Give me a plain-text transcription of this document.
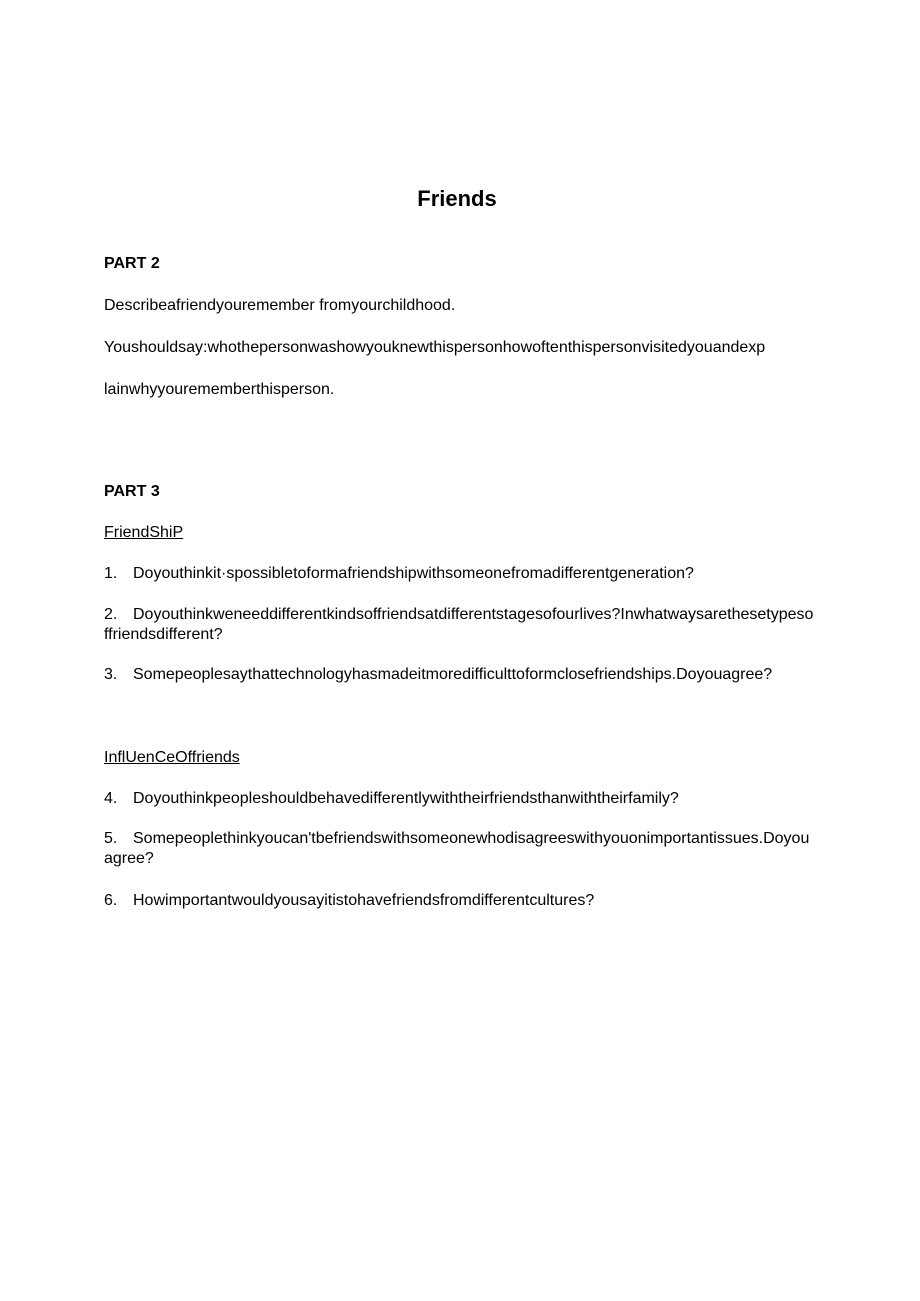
Friends
PART 2

Describeafriendyouremember fromyourchildhood.

Youshouldsay:whothepersonwashowyouknewthispersonhowoftenthispersonvisitedyouandexp

lainwhyyourememberthisperson.

PART 3

FriendShiP

1. Doyouthinkit·spossibletoformafriendshipwithsomeonefromadifferentgeneration?

2. Doyouthinkweneeddifferentkindsoffriendsatdifferentstagesofourlives?Inwhatwaysarethesetypesoffriendsdifferent?

3. Somepeoplesaythattechnologyhasmadeitmoredifficulttoformclosefriendships.Doyouagree?

InflUenCeOffriends

4. Doyouthinkpeopleshouldbehavedifferentlywiththeirfriendsthanwiththeirfamily?

5. Somepeoplethinkyoucan'tbefriendswithsomeonewhodisagreeswithyouonimportantissues.Doyouagree?

6. Howimportantwouldyousayitistohavefriendsfromdifferentcultures?
